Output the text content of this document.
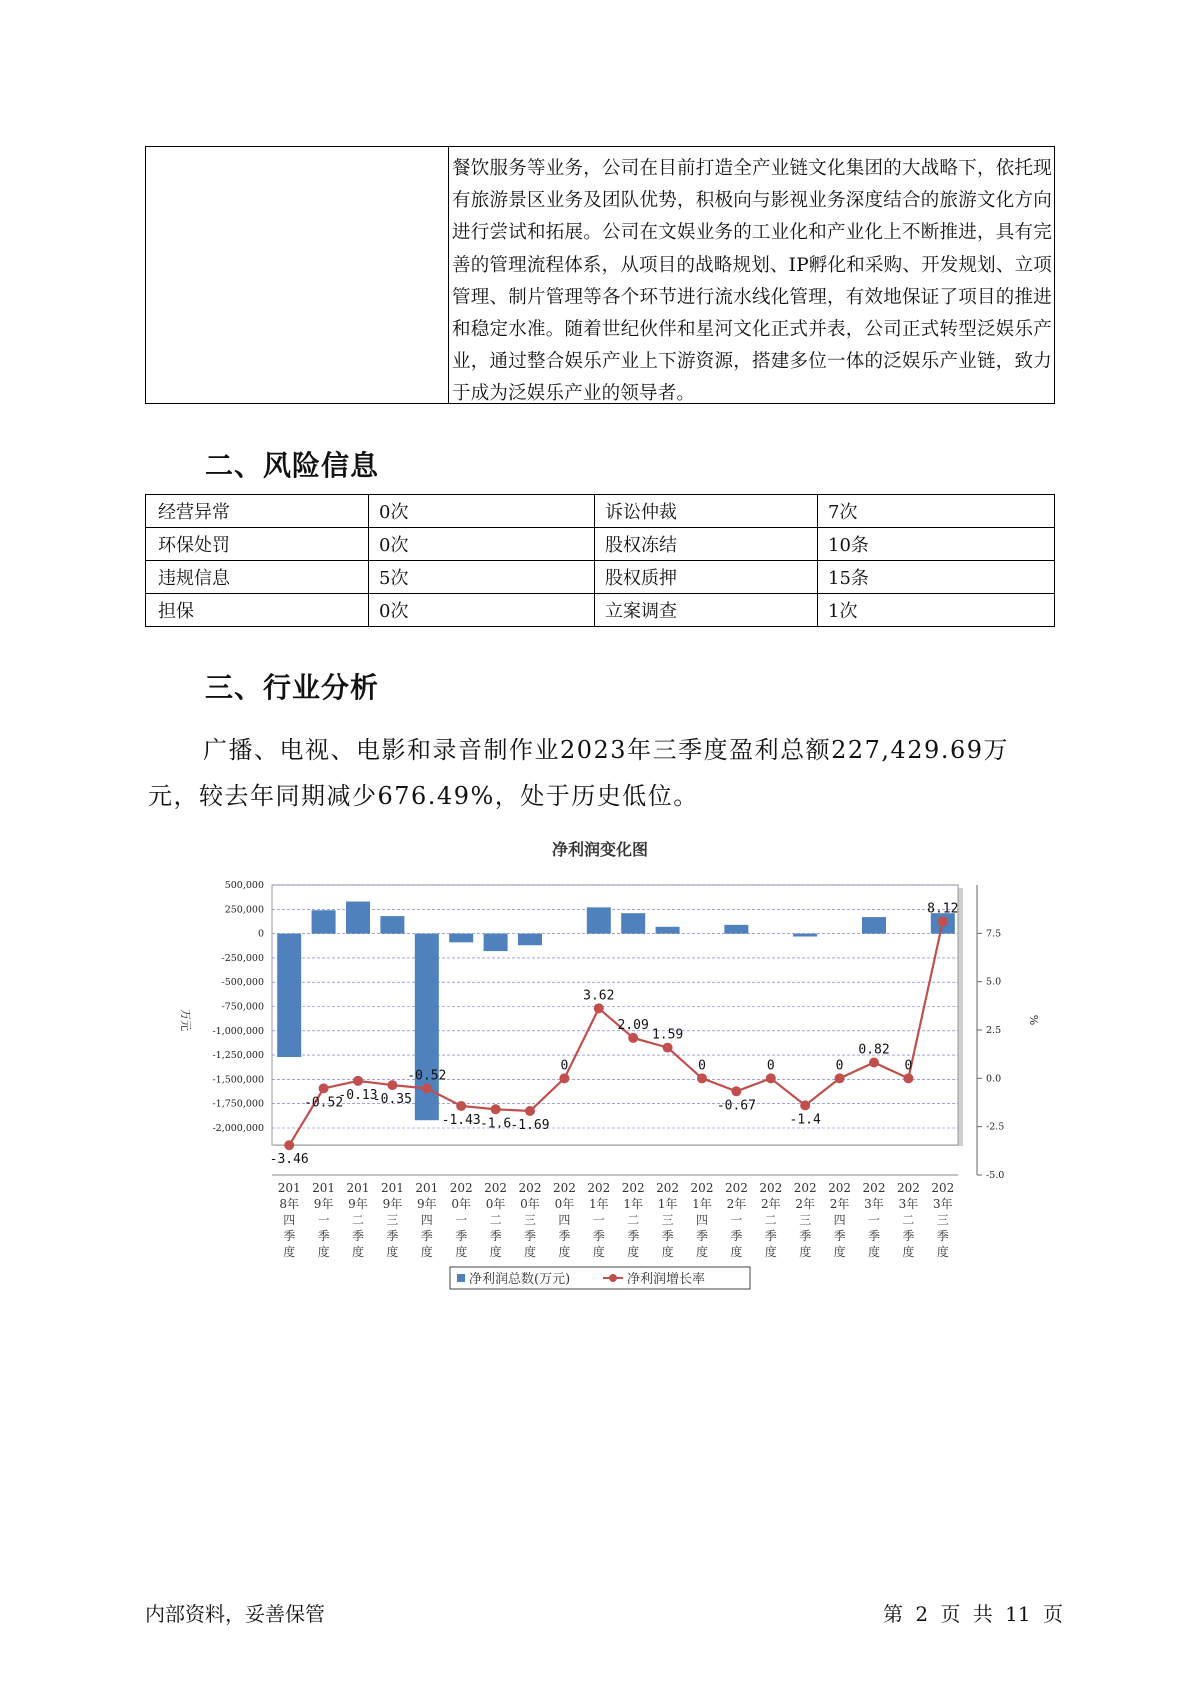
餐饮服务等业务，公司在目前打造全产业链文化集团的大战略下，依托现有旅游景区业务及团队优势，积极向与影视业务深度结合的旅游文化方向进行尝试和拓展。公司在文娱业务的工业化和产业化上不断推进，具有完善的管理流程体系，从项目的战略规划、IP孵化和采购、开发规划、立项管理、制片管理等各个环节进行流水线化管理，有效地保证了项目的推进和稳定水准。随着世纪伙伴和星河文化正式并表，公司正式转型泛娱乐产业，通过整合娱乐产业上下游资源，搭建多位一体的泛娱乐产业链，致力于成为泛娱乐产业的领导者。
二、风险信息
经营异常	0次	诉讼仲裁	7次
环保处罚	0次	股权冻结	10条
违规信息	5次	股权质押	15条
担保	0次	立案调查	1次
三、行业分析
广播、电视、电影和录音制作业2023年三季度盈利总额227,429.69万元，较去年同期减少676.49%，处于历史低位。
净利润变化图
500,000
250,000
0
-250,000
-500,000
-750,000
-1,000,000
-1,250,000
-1,500,000
-1,750,000
-2,000,000
万元
7.5
5.0
2.5
0.0
-2.5
-5.0
%
-3.46
-0.52
-0.13
-0.35
-0.52
-1.43 -1.6 -1.69
0
3.62
2.09
1.59
0
-0.67
0
-1.4
0
0.82
0
8.12
201
8年
四
季
度
201
9年
一
季
度
201
9年
二
季
度
201
9年
三
季
度
201
9年
四
季
度
202
0年
一
季
度
202
0年
二
季
度
202
0年
三
季
度
202
0年
四
季
度
202
1年
一
季
度
202
1年
二
季
度
202
1年
三
季
度
202
1年
四
季
度
202
2年
一
季
度
202
2年
二
季
度
202
2年
三
季
度
202
2年
四
季
度
202
3年
一
季
度
202
3年
二
季
度
202
3年
三
季
度
净利润总数(万元)	净利润增长率
内部资料，妥善保管	第 2 页 共 11 页
